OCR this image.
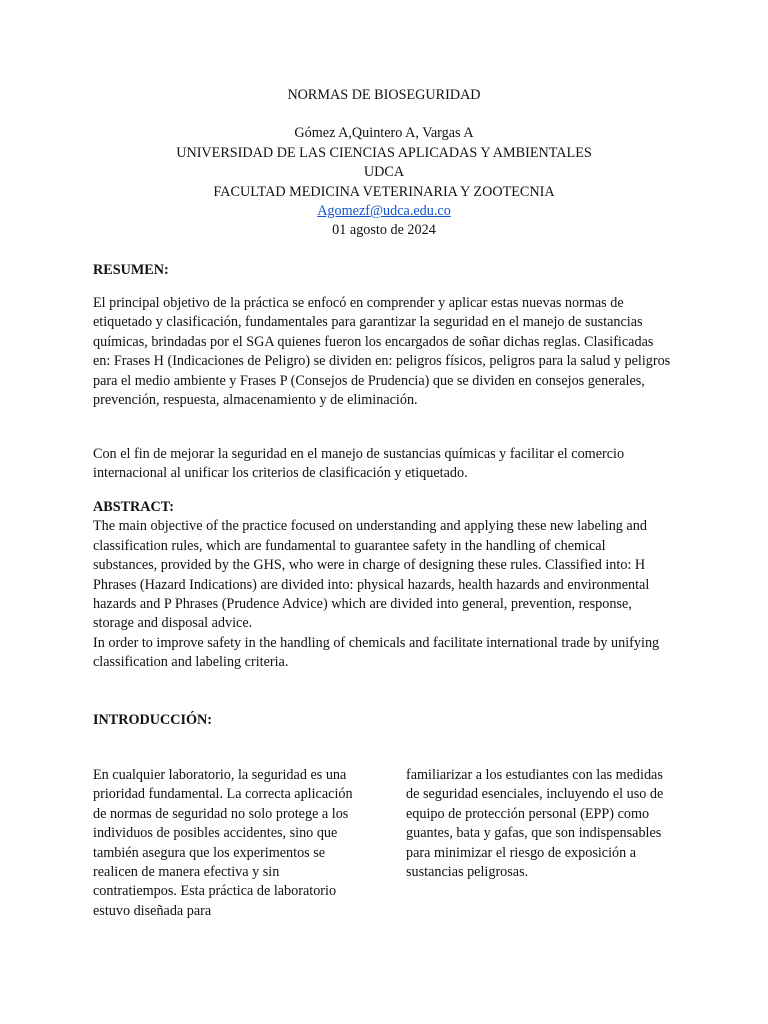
NORMAS DE BIOSEGURIDAD
Gómez A,Quintero A, Vargas A
UNIVERSIDAD DE LAS CIENCIAS APLICADAS Y AMBIENTALES
UDCA
FACULTAD MEDICINA VETERINARIA Y ZOOTECNIA
Agomezf@udca.edu.co
01 agosto de 2024
RESUMEN:

El principal objetivo de la práctica se enfocó en comprender y aplicar estas nuevas normas de etiquetado y clasificación, fundamentales para garantizar la seguridad en el manejo de sustancias químicas, brindadas por el SGA quienes fueron los encargados de soñar dichas reglas. Clasificadas en: Frases H (Indicaciones de Peligro) se dividen en: peligros físicos, peligros para la salud y peligros para el medio ambiente y Frases P (Consejos de Prudencia) que se dividen en consejos generales, prevención, respuesta, almacenamiento y de eliminación.

Con el fin de mejorar la seguridad en el manejo de sustancias químicas y facilitar el comercio internacional al unificar los criterios de clasificación y etiquetado.

ABSTRACT:

The main objective of the practice focused on understanding and applying these new labeling and classification rules, which are fundamental to guarantee safety in the handling of chemical substances, provided by the GHS, who were in charge of designing these rules. Classified into: H Phrases (Hazard Indications) are divided into: physical hazards, health hazards and environmental hazards and P Phrases (Prudence Advice) which are divided into general, prevention, response, storage and disposal advice.

In order to improve safety in the handling of chemicals and facilitate international trade by unifying classification and labeling criteria.

INTRODUCCIÓN:

En cualquier laboratorio, la seguridad es una prioridad fundamental. La correcta aplicación de normas de seguridad no solo protege a los individuos de posibles accidentes, sino que también asegura que los experimentos se realicen de manera efectiva y sin contratiempos. Esta práctica de laboratorio estuvo diseñada para

familiarizar a los estudiantes con las medidas de seguridad esenciales, incluyendo el uso de equipo de protección personal (EPP) como guantes, bata y gafas, que son indispensables para minimizar el riesgo de exposición a sustancias peligrosas.
